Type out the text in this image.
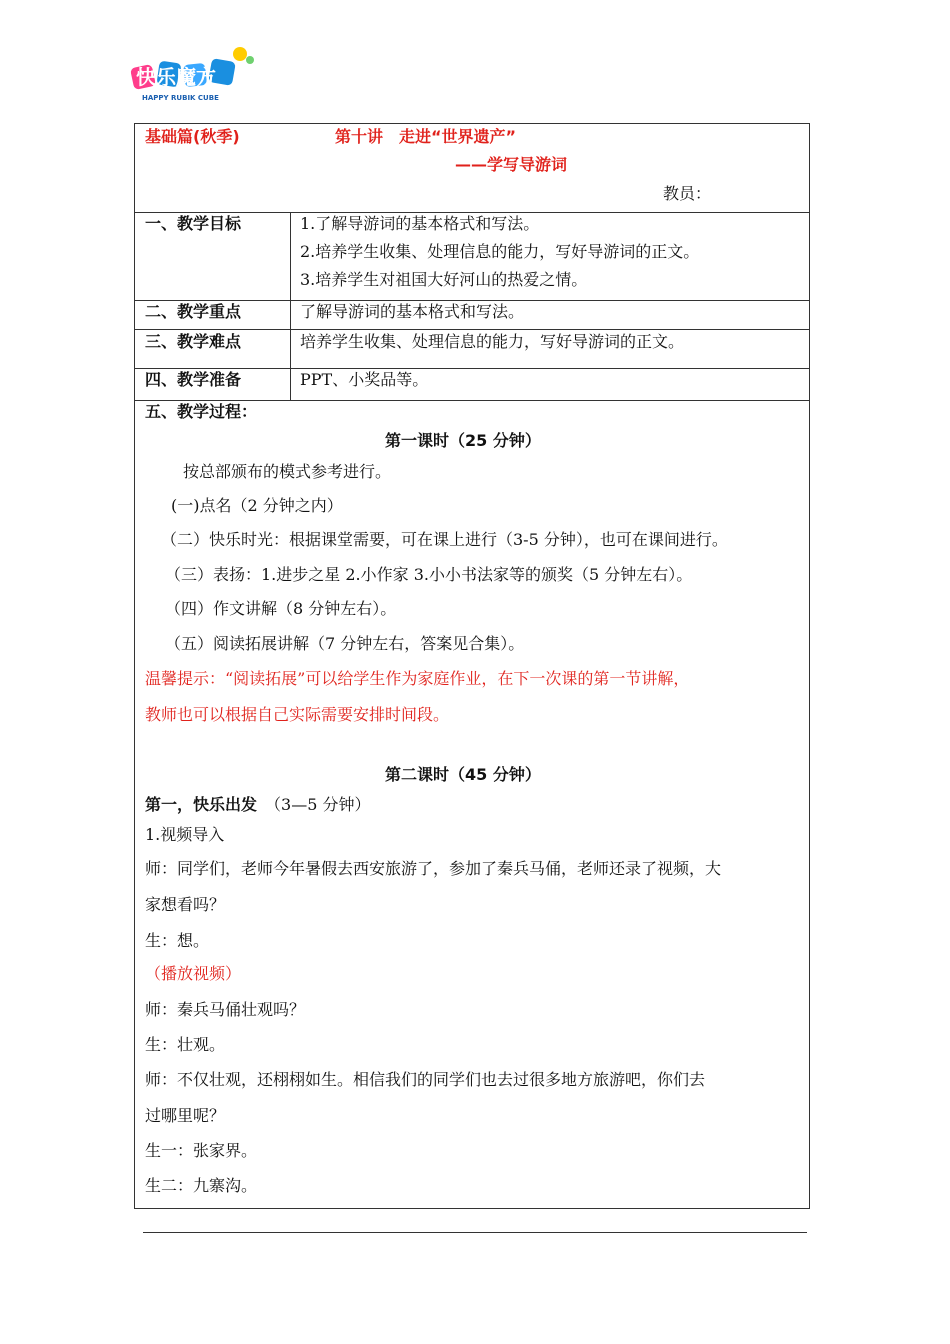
快乐魔方
HAPPY RUBIK CUBE
基础篇(秋季)	第十讲　走进“世界遗产”
——学写导游词
教员：
一、教学目标	1.了解导游词的基本格式和写法。
2.培养学生收集、处理信息的能力，写好导游词的正文。
3.培养学生对祖国大好河山的热爱之情。
二、教学重点	了解导游词的基本格式和写法。
三、教学难点	培养学生收集、处理信息的能力，写好导游词的正文。
四、教学准备	PPT、小奖品等。
五、教学过程：
第一课时（25 分钟）
按总部颁布的模式参考进行。
(一)点名（2 分钟之内）
（二）快乐时光：根据课堂需要，可在课上进行（3-5 分钟），也可在课间进行。
（三）表扬：1.进步之星 2.小作家 3.小小书法家等的颁奖（5 分钟左右）。
（四）作文讲解（8 分钟左右）。
（五）阅读拓展讲解（7 分钟左右，答案见合集）。
温馨提示：“阅读拓展”可以给学生作为家庭作业，在下一次课的第一节讲解，
教师也可以根据自己实际需要安排时间段。
第二课时（45 分钟）
第一，快乐出发 （3—5 分钟）
1.视频导入
师：同学们，老师今年暑假去西安旅游了，参加了秦兵马俑，老师还录了视频，大
家想看吗？
生：想。
（播放视频）
师：秦兵马俑壮观吗？
生：壮观。
师：不仅壮观，还栩栩如生。相信我们的同学们也去过很多地方旅游吧，你们去
过哪里呢？
生一：张家界。
生二：九寨沟。
